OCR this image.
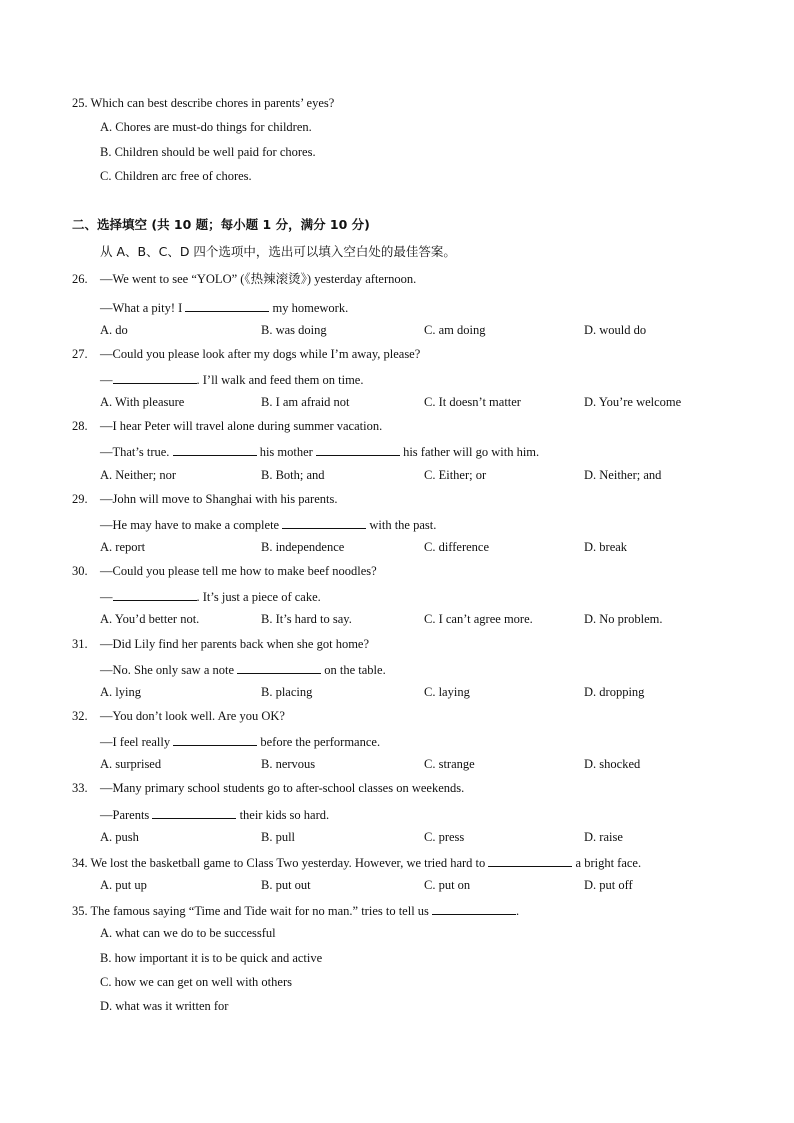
25. Which can best describe chores in parents’ eyes?
A. Chores are must-do things for children.
B. Children should be well paid for chores.
C. Children arc free of chores.
二、选择填空 (共 10 题；每小题 1 分，满分 10 分)
从 A、B、C、D 四个选项中，选出可以填入空白处的最佳答案。
26. —We went to see “YOLO” (《热辣滚烫》) yesterday afternoon.
—What a pity! I	my homework.
A. do	B. was doing	C. am doing	D. would do
27. —Could you please look after my dogs while I’m away, please?
—	. I’ll walk and feed them on time.
A. With pleasure	B. I am afraid not	C. It doesn’t matter	D. You’re welcome
28. —I hear Peter will travel alone during summer vacation.
—That’s true.	his mother	his father will go with him.
A. Neither; nor	B. Both; and	C. Either; or	D. Neither; and
29. —John will move to Shanghai with his parents.
—He may have to make a complete	with the past.
A. report	B. independence	C. difference	D. break
30. —Could you please tell me how to make beef noodles?
—	. It’s just a piece of cake.
A. You’d better not.	B. It’s hard to say.	C. I can’t agree more.	D. No problem.
31. —Did Lily find her parents back when she got home?
—No. She only saw a note	on the table.
A. lying	B. placing	C. laying	D. dropping
32. —You don’t look well. Are you OK?
—I feel really	before the performance.
A. surprised	B. nervous	C. strange	D. shocked
33. —Many primary school students go to after-school classes on weekends.
—Parents	their kids so hard.
A. push	B. pull	C. press	D. raise
34. We lost the basketball game to Class Two yesterday. However, we tried hard to	a bright face.
A. put up	B. put out	C. put on	D. put off
35. The famous saying “Time and Tide wait for no man.” tries to tell us	.
A. what can we do to be successful
B. how important it is to be quick and active
C. how we can get on well with others
D. what was it written for
